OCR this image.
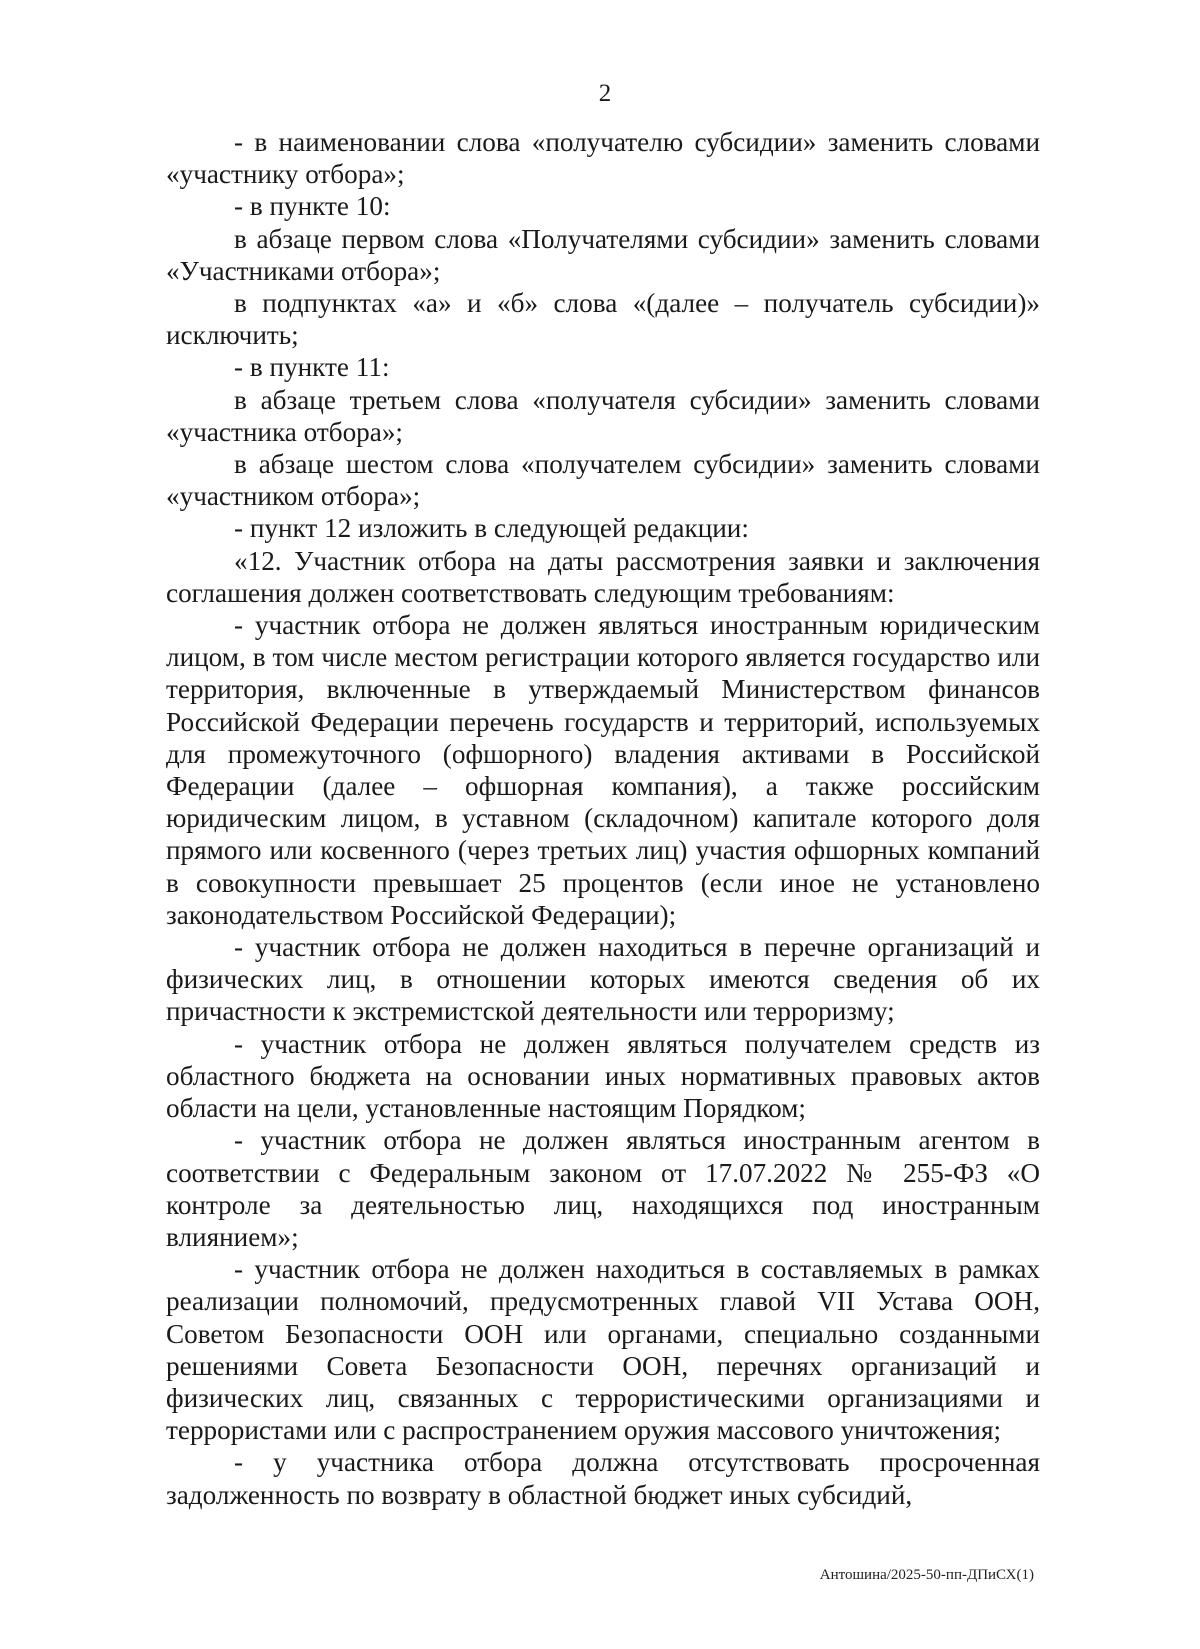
2

- в наименовании слова «получателю субсидии» заменить словами «участнику отбора»;

- в пункте 10:

в абзаце первом слова «Получателями субсидии» заменить словами «Участниками отбора»;

в подпунктах «а» и «б» слова «(далее – получатель субсидии)» исключить;

- в пункте 11:

в абзаце третьем слова «получателя субсидии» заменить словами «участника отбора»;

в абзаце шестом слова «получателем субсидии» заменить словами «участником отбора»;

- пункт 12 изложить в следующей редакции:

«12. Участник отбора на даты рассмотрения заявки и заключения соглашения должен соответствовать следующим требованиям:

- участник отбора не должен являться иностранным юридическим лицом, в том числе местом регистрации которого является государство или территория, включенные в утверждаемый Министерством финансов Российской Федерации перечень государств и территорий, используемых для промежуточного (офшорного) владения активами в Российской Федерации (далее – офшорная компания), а также российским юридическим лицом, в уставном (складочном) капитале которого доля прямого или косвенного (через третьих лиц) участия офшорных компаний в совокупности превышает 25 процентов (если иное не установлено законодательством Российской Федерации);

- участник отбора не должен находиться в перечне организаций и физических лиц, в отношении которых имеются сведения об их причастности к экстремистской деятельности или терроризму;

- участник отбора не должен являться получателем средств из областного бюджета на основании иных нормативных правовых актов области на цели, установленные настоящим Порядком;

- участник отбора не должен являться иностранным агентом в соответствии с Федеральным законом от 17.07.2022 № 255-ФЗ «О контроле за деятельностью лиц, находящихся под иностранным влиянием»;

- участник отбора не должен находиться в составляемых в рамках реализации полномочий, предусмотренных главой VII Устава ООН, Советом Безопасности ООН или органами, специально созданными решениями Совета Безопасности ООН, перечнях организаций и физических лиц, связанных с террористическими организациями и террористами или с распространением оружия массового уничтожения;

- у участника отбора должна отсутствовать просроченная задолженность по возврату в областной бюджет иных субсидий,

Антошина/2025-50-пп-ДПиСХ(1)
